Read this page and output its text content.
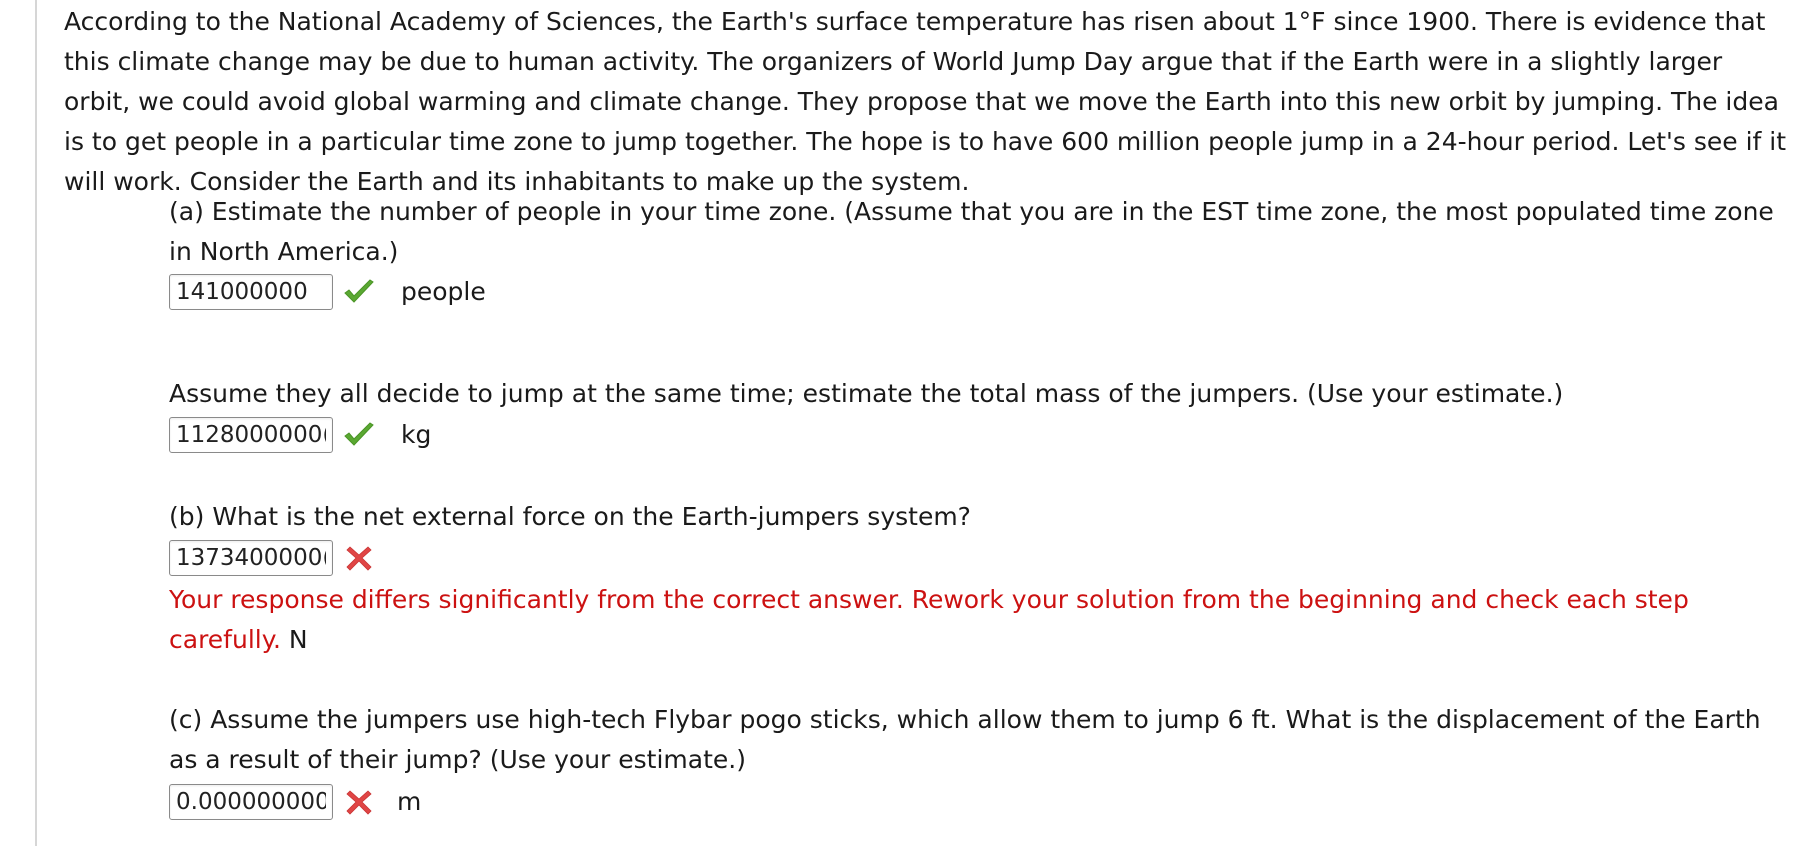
According to the National Academy of Sciences, the Earth's surface temperature has risen about 1°F since 1900. There is evidence that this climate change may be due to human activity. The organizers of World Jump Day argue that if the Earth were in a slightly larger orbit, we could avoid global warming and climate change. They propose that we move the Earth into this new orbit by jumping. The idea is to get people in a particular time zone to jump together. The hope is to have 600 million people jump in a 24-hour period. Let's see if it will work. Consider the Earth and its inhabitants to make up the system.
(a) Estimate the number of people in your time zone. (Assume that you are in the EST time zone, the most populated time zone in North America.)
141000000
people
Assume they all decide to jump at the same time; estimate the total mass of the jumpers. (Use your estimate.)
1128000000(
kg
(b) What is the net external force on the Earth-jumpers system?
1373400000(
Your response differs significantly from the correct answer. Rework your solution from the beginning and check each step carefully. N
(c) Assume the jumpers use high-tech Flybar pogo sticks, which allow them to jump 6 ft. What is the displacement of the Earth as a result of their jump? (Use your estimate.)
0.000000000
m
